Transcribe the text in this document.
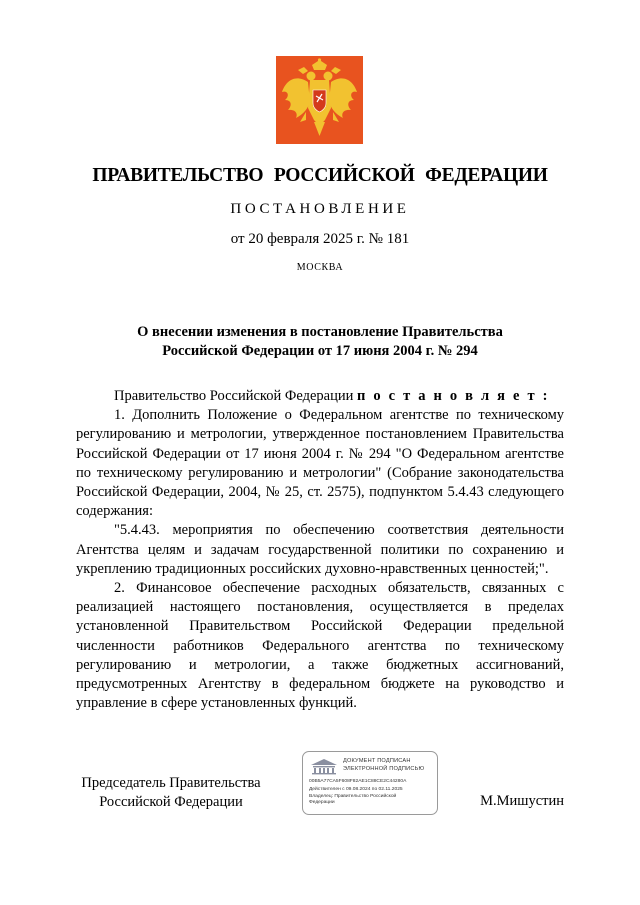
ПРАВИТЕЛЬСТВО РОССИЙСКОЙ ФЕДЕРАЦИИ
ПОСТАНОВЛЕНИЕ
от 20 февраля 2025 г. № 181
МОСКВА
О внесении изменения в постановление Правительства
Российской Федерации от 17 июня 2004 г. № 294

Правительство Российской Федерации п о с т а н о в л я е т :

1. Дополнить Положение о Федеральном агентстве по техническому регулированию и метрологии, утвержденное постановлением Правительства Российской Федерации от 17 июня 2004 г. № 294 "О Федеральном агентстве по техническому регулированию и метрологии" (Собрание законодательства Российской Федерации, 2004, № 25, ст. 2575), подпунктом 5.4.43 следующего содержания:

"5.4.43. мероприятия по обеспечению соответствия деятельности Агентства целям и задачам государственной политики по сохранению и укреплению традиционных российских духовно-нравственных ценностей;".

2. Финансовое обеспечение расходных обязательств, связанных с реализацией настоящего постановления, осуществляется в пределах установленной Правительством Российской Федерации предельной численности работников Федерального агентства по техническому регулированию и метрологии, а также бюджетных ассигнований, предусмотренных Агентству в федеральном бюджете на руководство и управление в сфере установленных функций.

Председатель Правительства
Российской Федерации
ДОКУМЕНТ ПОДПИСАН
ЭЛЕКТРОННОЙ ПОДПИСЬЮ
00B5A77CA5F608F82AE1C88CE2C44280A
Действителен с 09.08.2024 по 02.11.2025
Владелец: Правительство Российской
Федерации	М.Мишустин
